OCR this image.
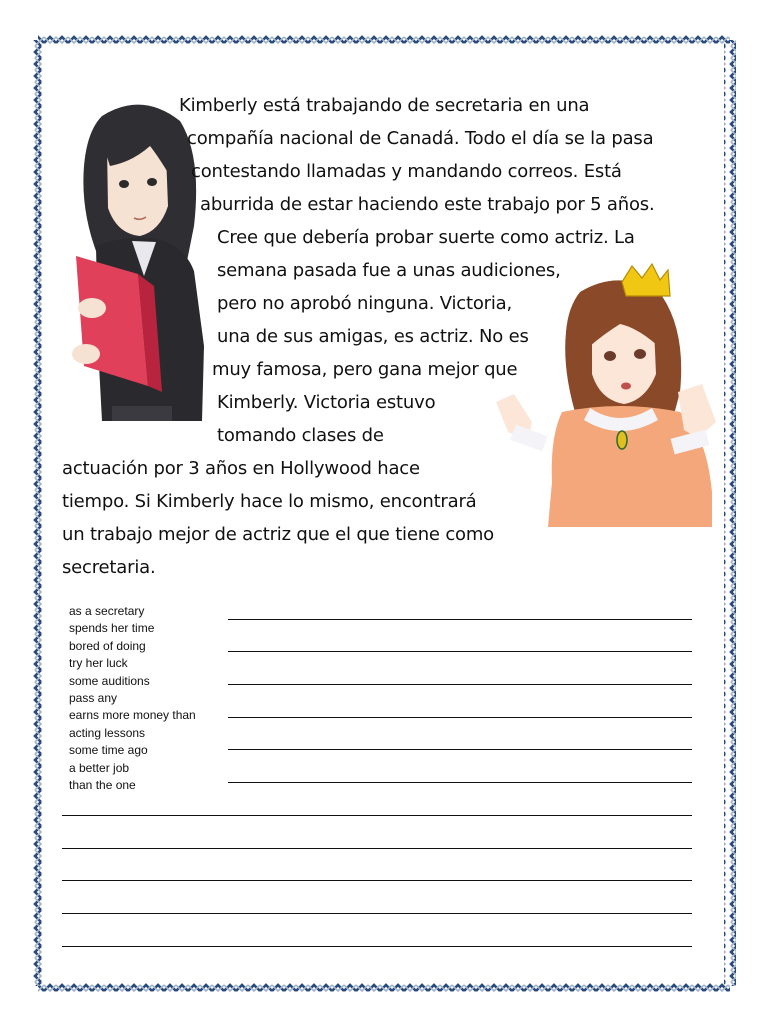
Kimberly está trabajando de secretaria en una

compañía nacional de Canadá. Todo el día se la pasa

contestando llamadas y mandando correos. Está

aburrida de estar haciendo este trabajo por 5 años.

Cree que debería probar suerte como actriz. La

semana pasada fue a unas audiciones,

pero no aprobó ninguna. Victoria,

una de sus amigas, es actriz. No es

muy famosa, pero gana mejor que

Kimberly. Victoria estuvo

tomando clases de

actuación por 3 años en Hollywood hace

tiempo. Si Kimberly hace lo mismo, encontrará

un trabajo mejor de actriz que el que tiene como

secretaria.

as a secretary
spends her time
bored of doing
try her luck
some auditions
pass any
earns more money than
acting lessons
some time ago
a better job
than the one
